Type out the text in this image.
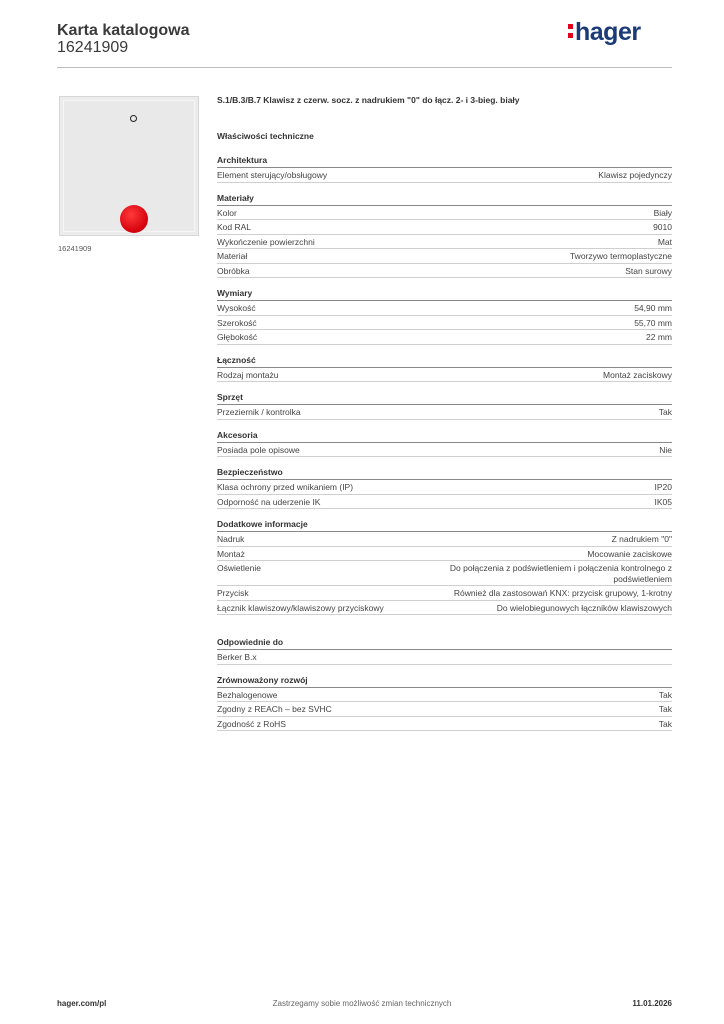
Karta katalogowa
16241909
hager
16241909
S.1/B.3/B.7 Klawisz z czerw. socz. z nadrukiem "0" do łącz. 2- i 3-bieg. biały
Właściwości techniczne
Architektura
Element sterujący/obsługowy	Klawisz pojedynczy
Materiały
Kolor	Biały
Kod RAL	9010
Wykończenie powierzchni	Mat
Materiał	Tworzywo termoplastyczne
Obróbka	Stan surowy
Wymiary
Wysokość	54,90 mm
Szerokość	55,70 mm
Głębokość	22 mm
Łączność
Rodzaj montażu	Montaż zaciskowy
Sprzęt
Przeziernik / kontrolka	Tak
Akcesoria
Posiada pole opisowe	Nie
Bezpieczeństwo
Klasa ochrony przed wnikaniem (IP)	IP20
Odporność na uderzenie IK	IK05
Dodatkowe informacje
Nadruk	Z nadrukiem "0"
Montaż	Mocowanie zaciskowe
Oświetlenie	Do połączenia z podświetleniem i połączenia kontrolnego z podświetleniem
Przycisk	Również dla zastosowań KNX: przycisk grupowy, 1-krotny
Łącznik klawiszowy/klawiszowy przyciskowy	Do wielobiegunowych łączników klawiszowych
Odpowiednie do
Berker B.x
Zrównoważony rozwój
Bezhalogenowe	Tak
Zgodny z REACh – bez SVHC	Tak
Zgodność z RoHS	Tak
hager.com/pl	Zastrzegamy sobie możliwość zmian technicznych	11.01.2026
